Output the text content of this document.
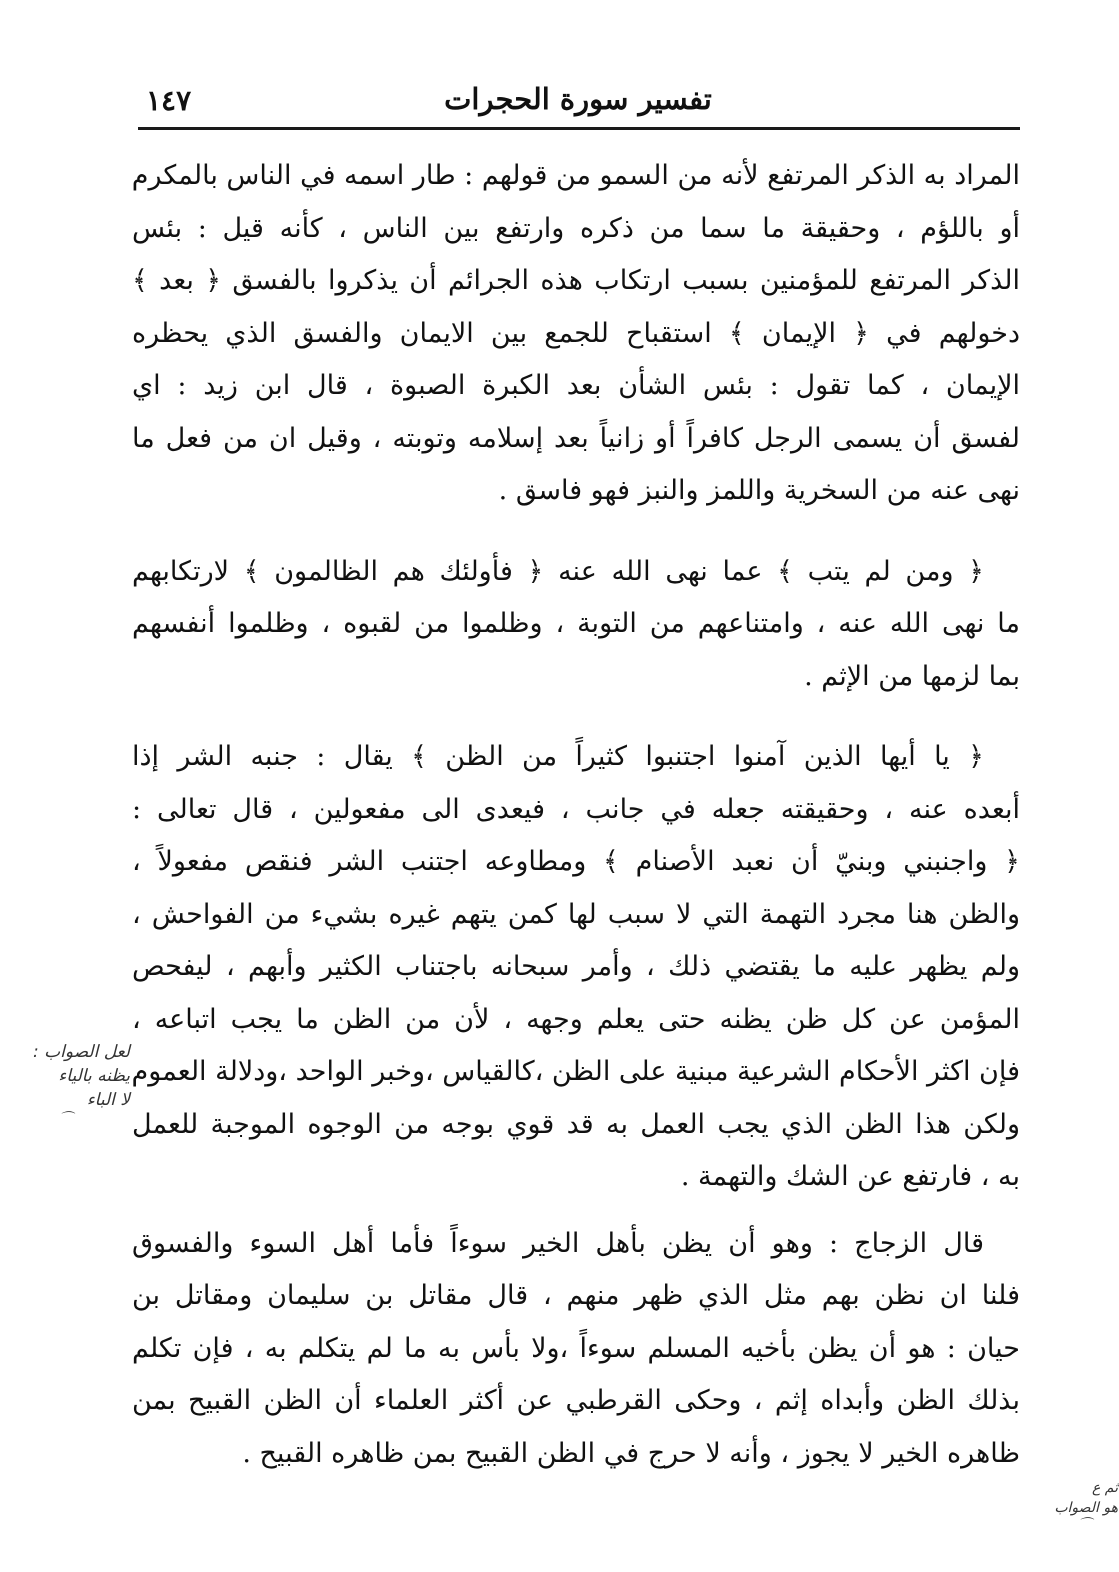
١٤٧	تفسير سورة الحجرات
المراد به الذكر المرتفع لأنه من السمو من قولهم : طار اسمه في الناس بالمكرم
أو باللؤم ، وحقيقة ما سما من ذكره وارتفع بين الناس ، كأنه قيل : بئس
الذكر المرتفع للمؤمنين بسبب ارتكاب هذه الجرائم أن يذكروا بالفسق ﴿ بعد ﴾
دخولهم في ﴿ الإيمان ﴾ استقباح للجمع بين الايمان والفسق الذي يحظره
الإيمان ، كما تقول : بئس الشأن بعد الكبرة الصبوة ، قال ابن زيد : اي
لفسق أن يسمى الرجل كافراً أو زانياً بعد إسلامه وتوبته ، وقيل ان من فعل ما
نهى عنه من السخرية واللمز والنبز فهو فاسق .
﴿ ومن لم يتب ﴾ عما نهى الله عنه ﴿ فأولئك هم الظالمون ﴾ لارتكابهم
ما نهى الله عنه ، وامتناعهم من التوبة ، وظلموا من لقبوه ، وظلموا أنفسهم
بما لزمها من الإثم .
﴿ يا أيها الذين آمنوا اجتنبوا كثيراً من الظن ﴾ يقال : جنبه الشر إذا
أبعده عنه ، وحقيقته جعله في جانب ، فيعدى الى مفعولين ، قال تعالى :
﴿ واجنبني وبنيّ أن نعبد الأصنام ﴾ ومطاوعه اجتنب الشر فنقص مفعولاً ،
والظن هنا مجرد التهمة التي لا سبب لها كمن يتهم غيره بشيء من الفواحش ،
ولم يظهر عليه ما يقتضي ذلك ، وأمر سبحانه باجتناب الكثير وأبهم ، ليفحص
المؤمن عن كل ظن يظنه حتى يعلم وجهه ، لأن من الظن ما يجب اتباعه ،
فإن اكثر الأحكام الشرعية مبنية على الظن ،كالقياس ،وخبر الواحد ،ودلالة العموم
ولكن هذا الظن الذي يجب العمل به قد قوي بوجه من الوجوه الموجبة للعمل
به ، فارتفع عن الشك والتهمة .
قال الزجاج : وهو أن يظن بأهل الخير سوءاً فأما أهل السوء والفسوق
فلنا ان نظن بهم مثل الذي ظهر منهم ، قال مقاتل بن سليمان ومقاتل بن
حيان : هو أن يظن بأخيه المسلم سوءاً ،ولا بأس به ما لم يتكلم به ، فإن تكلم
بذلك الظن وأبداه إثم ، وحكى القرطبي عن أكثر العلماء أن الظن القبيح بمن
ظاهره الخير لا يجوز ، وأنه لا حرج في الظن القبيح بمن ظاهره القبيح .
لعل الصواب :
يظنه بالياء
لا الباء
⌒
ثم ع
هو الصواب
⌒
